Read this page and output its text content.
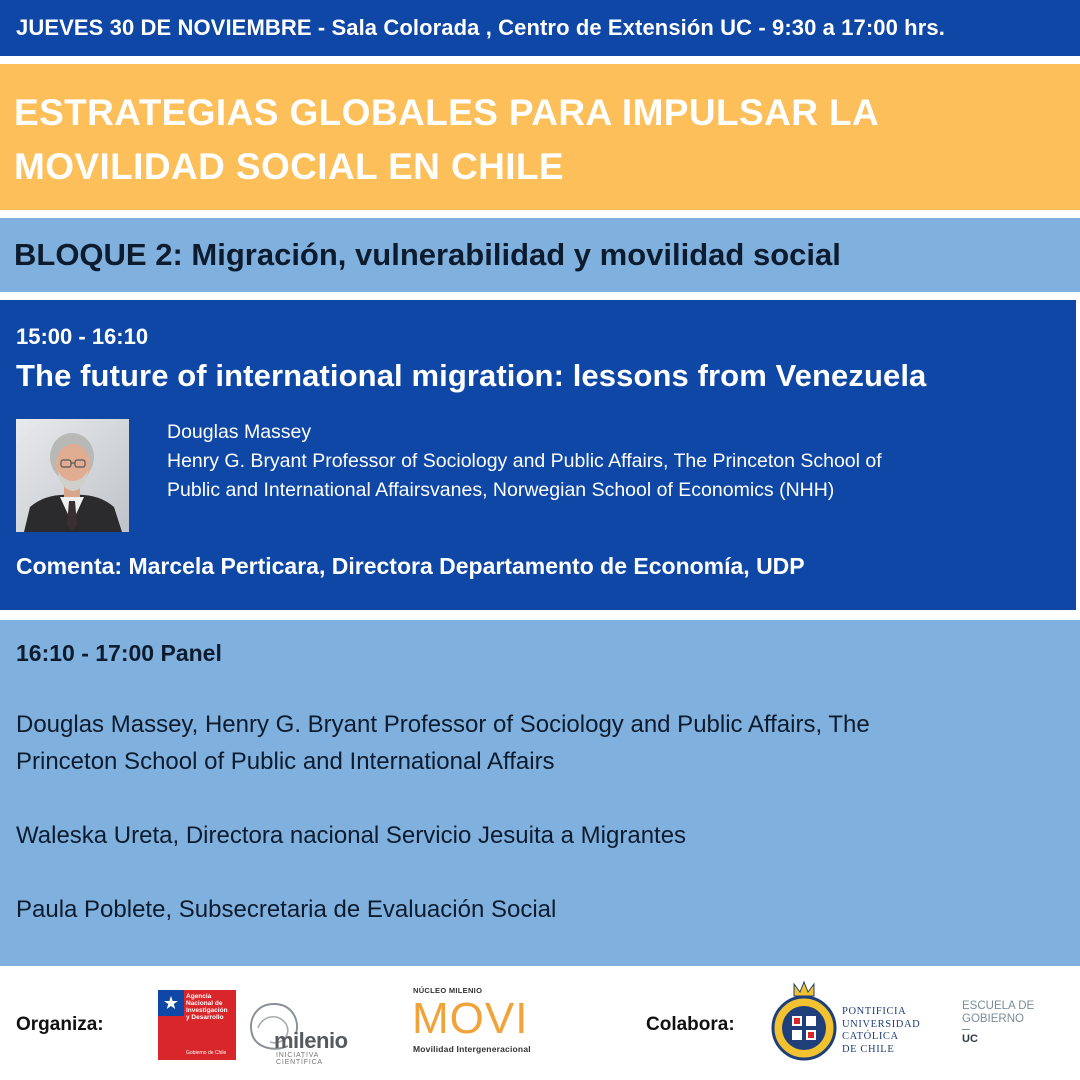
JUEVES 30 DE NOVIEMBRE - Sala Colorada , Centro de Extensión UC - 9:30 a 17:00 hrs.
ESTRATEGIAS GLOBALES PARA IMPULSAR LA
MOVILIDAD SOCIAL EN CHILE
BLOQUE 2: Migración, vulnerabilidad y movilidad social
15:00 - 16:10
The future of international migration: lessons from Venezuela
Douglas Massey
Henry G. Bryant Professor of Sociology and Public Affairs, The Princeton School of
Public and International Affairsvanes, Norwegian School of Economics (NHH)
Comenta: Marcela Perticara, Directora Departamento de Economía, UDP
16:10 - 17:00 Panel
Douglas Massey, Henry G. Bryant Professor of Sociology and Public Affairs, The
Princeton School of Public and International Affairs
Waleska Ureta, Directora nacional Servicio Jesuita a Migrantes
Paula Poblete, Subsecretaria de Evaluación Social
Organiza:	Colabora:
Agencia
Nacional de
Investigación
y Desarrollo
Gobierno de Chile milenio
INICIATIVA CIENTÍFICA
NÚCLEO MILENIO
MOVI
Movilidad Intergeneracional
PONTIFICIA
UNIVERSIDAD
CATÓLICA
DE CHILE
ESCUELA DE
GOBIERNO
UC
